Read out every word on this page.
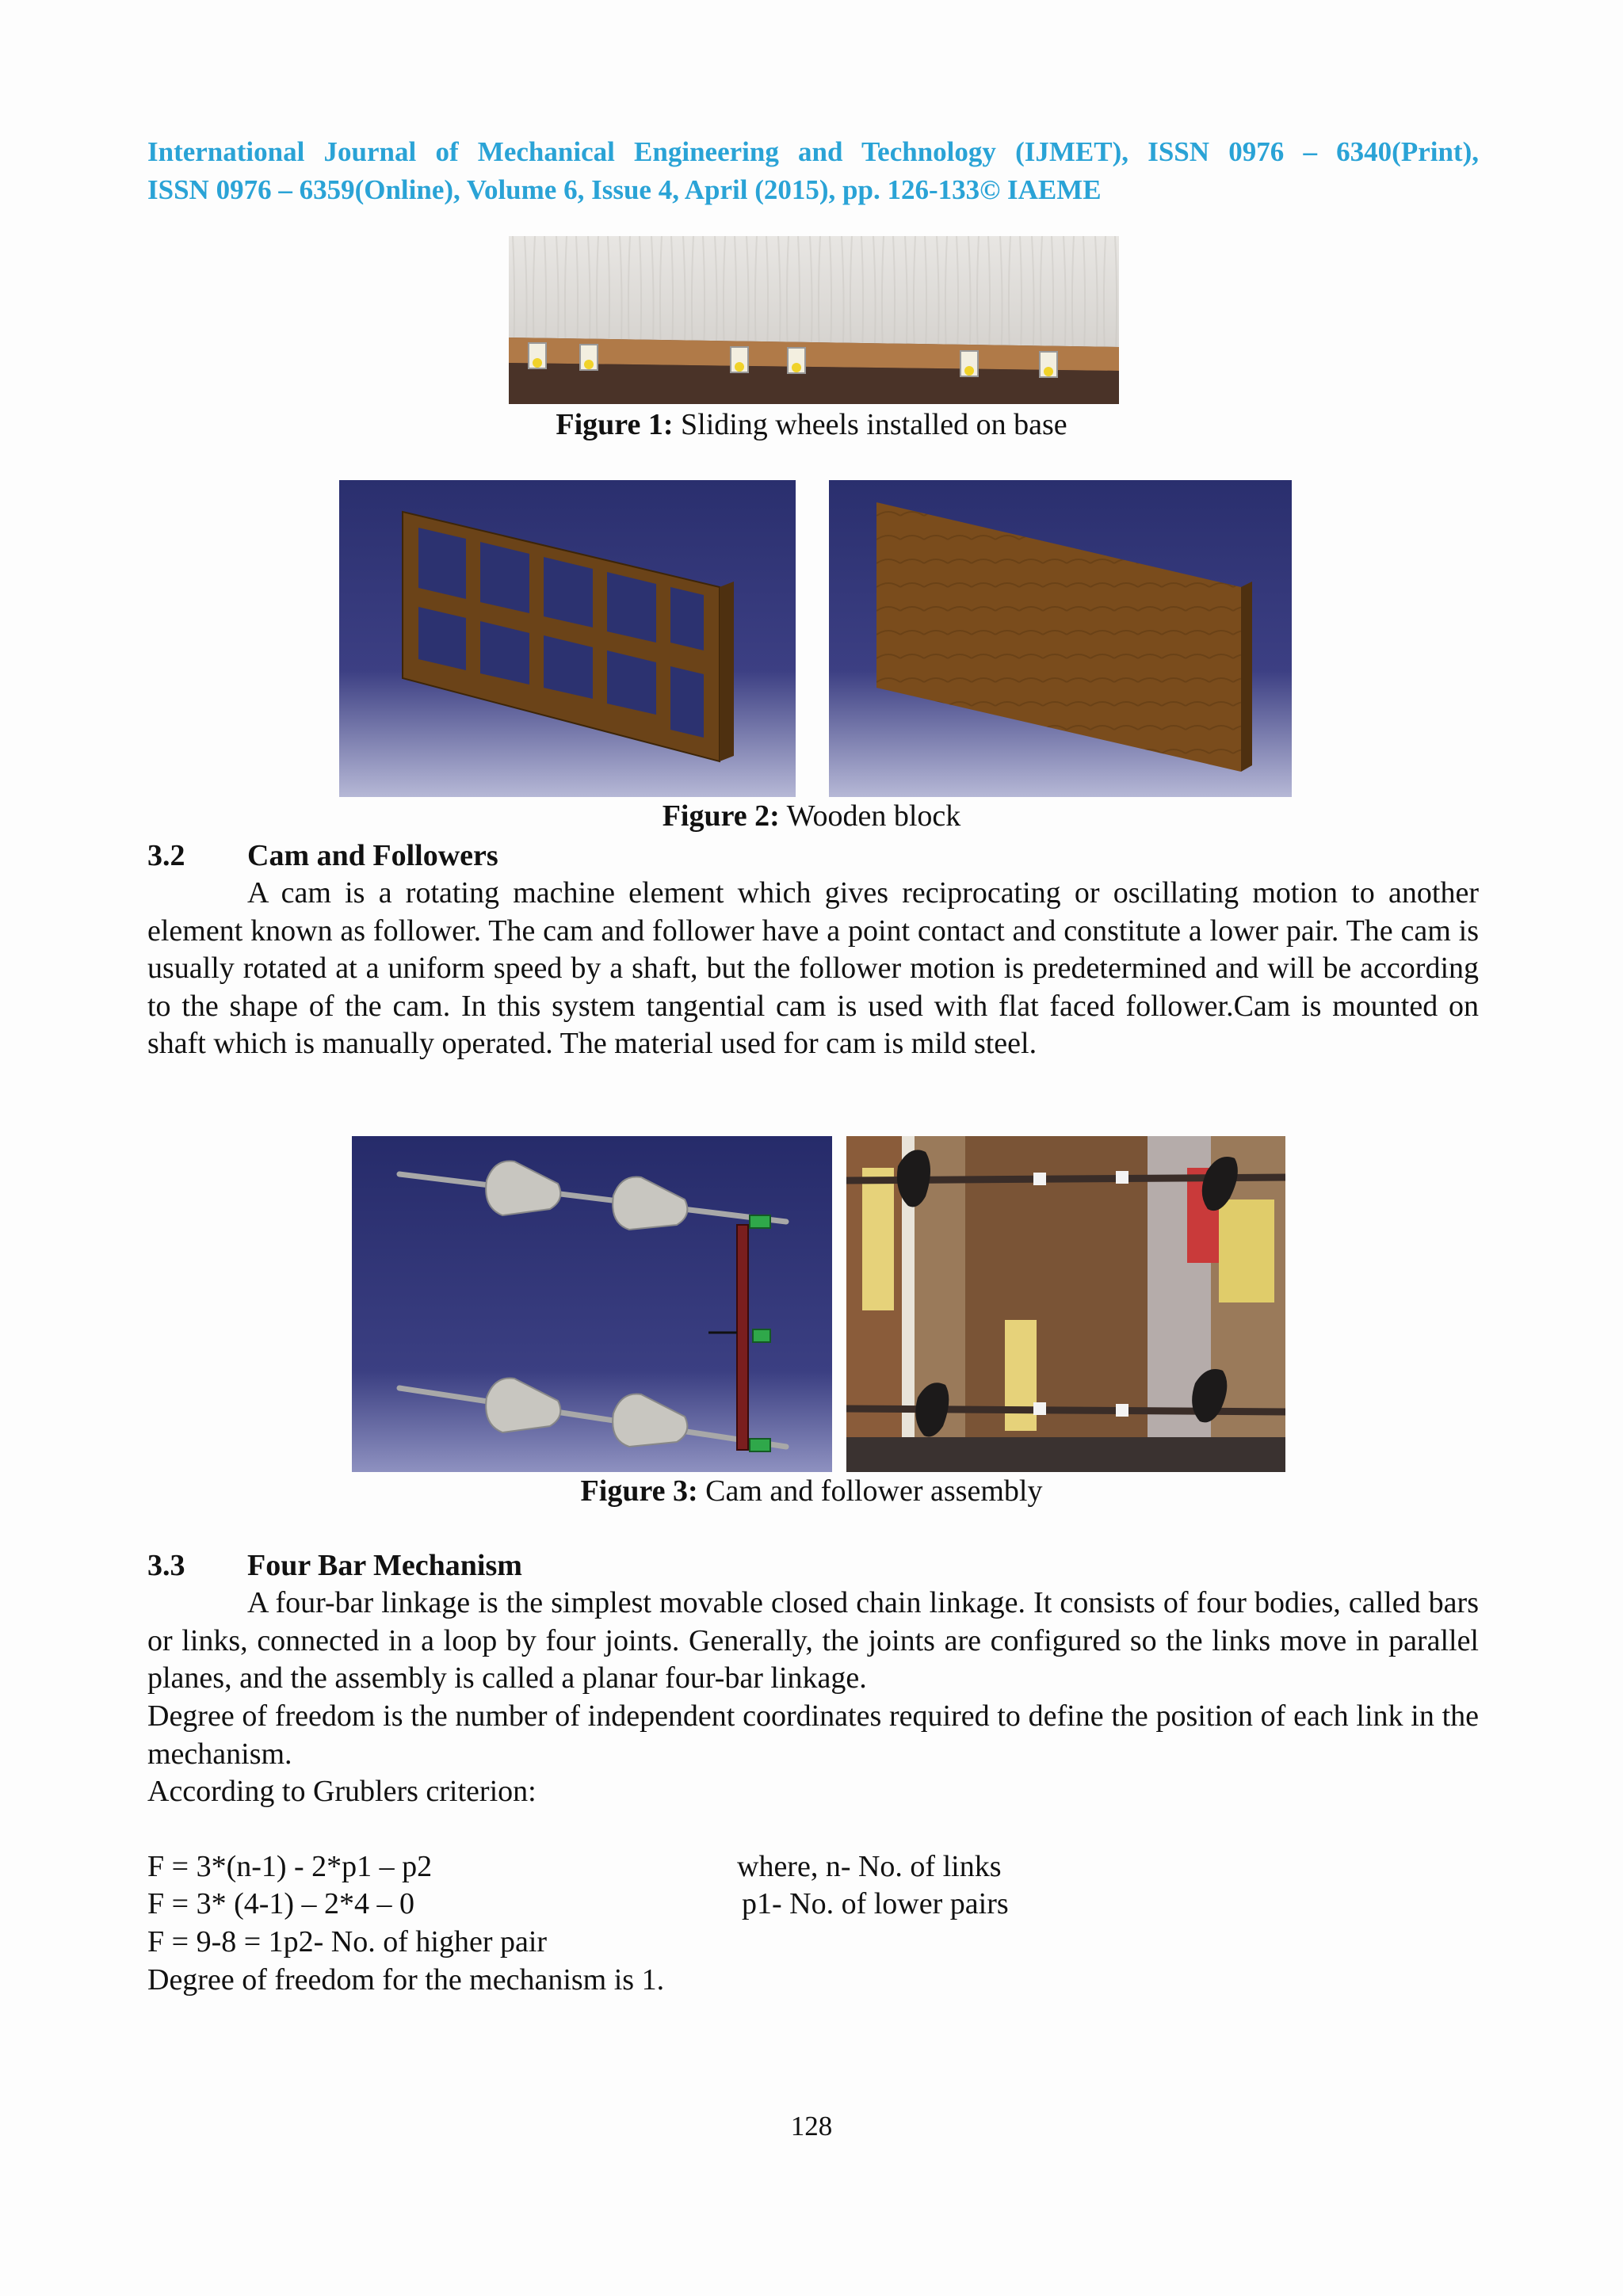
International Journal of Mechanical Engineering and Technology (IJMET), ISSN 0976 – 6340(Print),
ISSN 0976 – 6359(Online), Volume 6, Issue 4, April (2015), pp. 126-133© IAEME
Figure 1: Sliding wheels installed on base
Figure 2: Wooden block
3.2 Cam and Followers
A cam is a rotating machine element which gives reciprocating or oscillating motion to another element known as follower. The cam and follower have a point contact and constitute a lower pair. The cam is usually rotated at a uniform speed by a shaft, but the follower motion is predetermined and will be according to the shape of the cam. In this system tangential cam is used with flat faced follower.Cam is mounted on shaft which is manually operated. The material used for cam is mild steel.
Figure 3: Cam and follower assembly
3.3 Four Bar Mechanism
A four-bar linkage is the simplest movable closed chain linkage. It consists of four bodies, called bars or links, connected in a loop by four joints. Generally, the joints are configured so the links move in parallel planes, and the assembly is called a planar four-bar linkage.
Degree of freedom is the number of independent coordinates required to define the position of each link in the mechanism.
According to Grublers criterion:
F = 3*(n-1) - 2*p1 – p2	where, n- No. of links
F = 3* (4-1) – 2*4 – 0	p1- No. of lower pairs
F = 9-8 = 1p2- No. of higher pair
Degree of freedom for the mechanism is 1.
128
